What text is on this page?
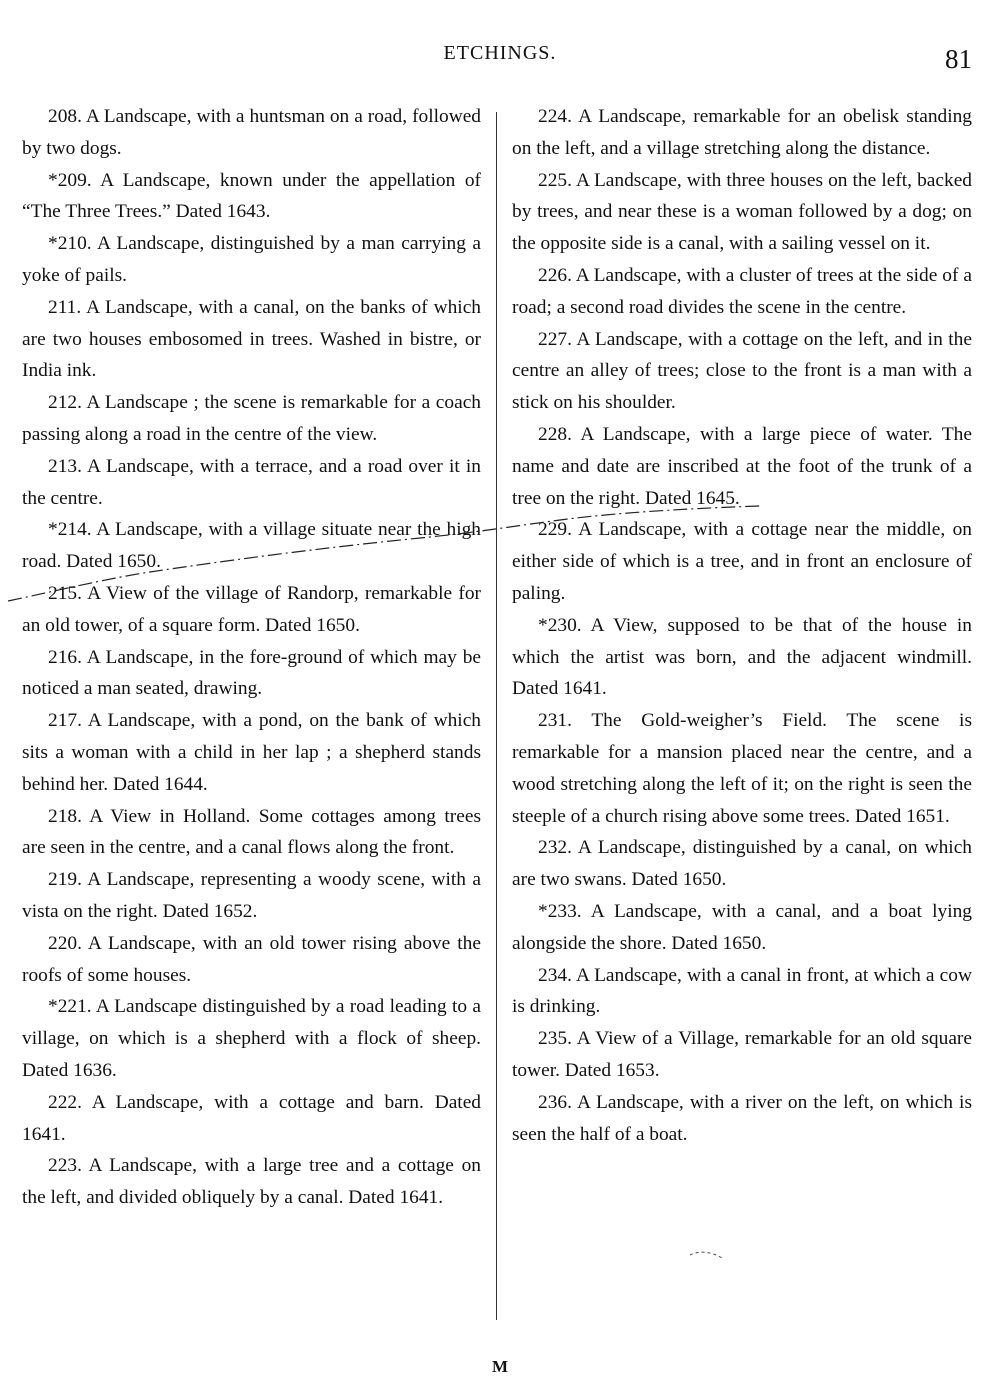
ETCHINGS.	81

208. A Landscape, with a huntsman on a road, followed by two dogs.

*209. A Landscape, known under the appellation of “The Three Trees.” Dated 1643.

*210. A Landscape, distinguished by a man carrying a yoke of pails.

211. A Landscape, with a canal, on the banks of which are two houses embosomed in trees. Washed in bistre, or India ink.

212. A Landscape ; the scene is remarkable for a coach passing along a road in the centre of the view.

213. A Landscape, with a terrace, and a road over it in the centre.

*214. A Landscape, with a village situate near the high road. Dated 1650.

215. A View of the village of Randorp, remarkable for an old tower, of a square form. Dated 1650.

216. A Landscape, in the fore-ground of which may be noticed a man seated, drawing.

217. A Landscape, with a pond, on the bank of which sits a woman with a child in her lap ; a shepherd stands behind her. Dated 1644.

218. A View in Holland. Some cottages among trees are seen in the centre, and a canal flows along the front.

219. A Landscape, representing a woody scene, with a vista on the right. Dated 1652.

220. A Landscape, with an old tower rising above the roofs of some houses.

*221. A Landscape distinguished by a road leading to a village, on which is a shepherd with a flock of sheep. Dated 1636.

222. A Landscape, with a cottage and barn. Dated 1641.

223. A Landscape, with a large tree and a cottage on the left, and divided obliquely by a canal. Dated 1641.

224. A Landscape, remarkable for an obelisk standing on the left, and a village stretching along the distance.

225. A Landscape, with three houses on the left, backed by trees, and near these is a woman followed by a dog; on the opposite side is a canal, with a sailing vessel on it.

226. A Landscape, with a cluster of trees at the side of a road; a second road divides the scene in the centre.

227. A Landscape, with a cottage on the left, and in the centre an alley of trees; close to the front is a man with a stick on his shoulder.

228. A Landscape, with a large piece of water. The name and date are inscribed at the foot of the trunk of a tree on the right. Dated 1645.

229. A Landscape, with a cottage near the middle, on either side of which is a tree, and in front an enclosure of paling.

*230. A View, supposed to be that of the house in which the artist was born, and the adjacent windmill. Dated 1641.

231. The Gold-weigher’s Field. The scene is remarkable for a mansion placed near the centre, and a wood stretching along the left of it; on the right is seen the steeple of a church rising above some trees. Dated 1651.

232. A Landscape, distinguished by a canal, on which are two swans. Dated 1650.

*233. A Landscape, with a canal, and a boat lying alongside the shore. Dated 1650.

234. A Landscape, with a canal in front, at which a cow is drinking.

235. A View of a Village, remarkable for an old square tower. Dated 1653.

236. A Landscape, with a river on the left, on which is seen the half of a boat.

M
